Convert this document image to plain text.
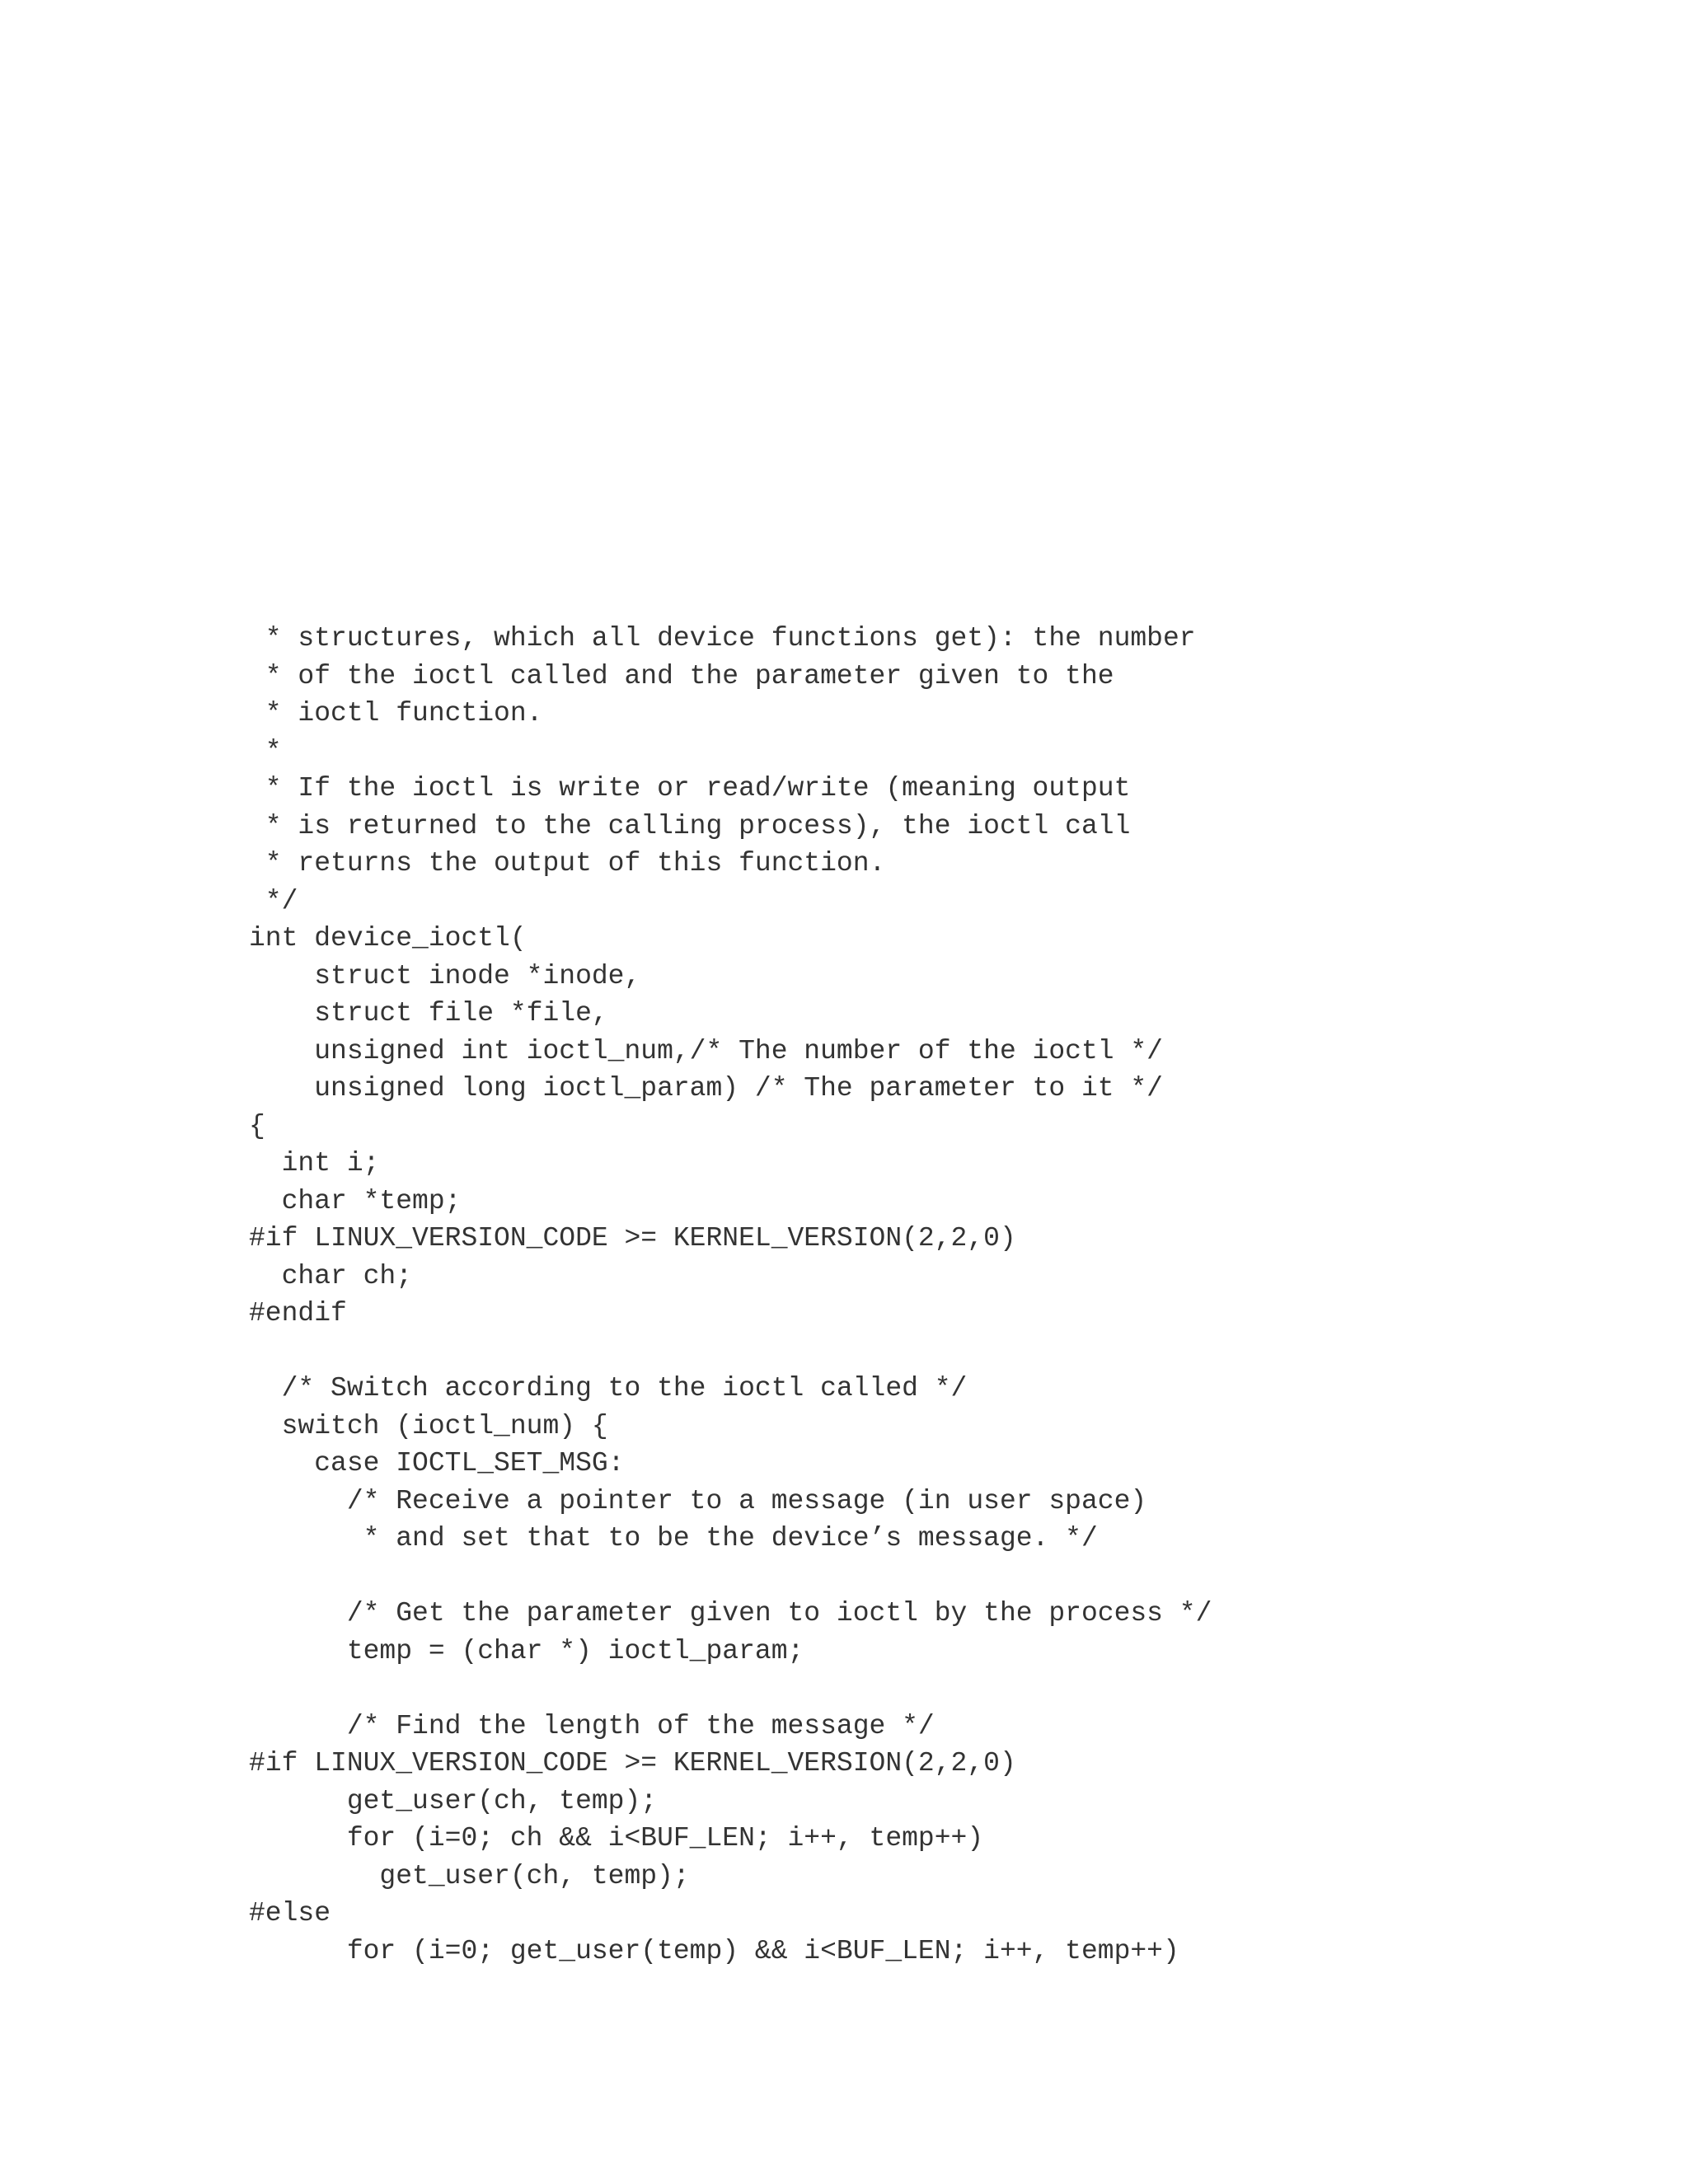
* structures, which all device functions get): the number
* of the ioctl called and the parameter given to the
* ioctl function.
*
* If the ioctl is write or read/write (meaning output
* is returned to the calling process), the ioctl call
* returns the output of this function.
*/
int device_ioctl(
struct inode *inode,
struct file *file,
unsigned int ioctl_num,/* The number of the ioctl */
unsigned long ioctl_param) /* The parameter to it */
{
int i;
char *temp;
#if LINUX_VERSION_CODE >= KERNEL_VERSION(2,2,0)
char ch;
#endif
/* Switch according to the ioctl called */
switch (ioctl_num) {
case IOCTL_SET_MSG:
/* Receive a pointer to a message (in user space)
* and set that to be the device’s message. */
/* Get the parameter given to ioctl by the process */
temp = (char *) ioctl_param;
/* Find the length of the message */
#if LINUX_VERSION_CODE >= KERNEL_VERSION(2,2,0)
get_user(ch, temp);
for (i=0; ch && i<BUF_LEN; i++, temp++)
get_user(ch, temp);
#else
for (i=0; get_user(temp) && i<BUF_LEN; i++, temp++)
